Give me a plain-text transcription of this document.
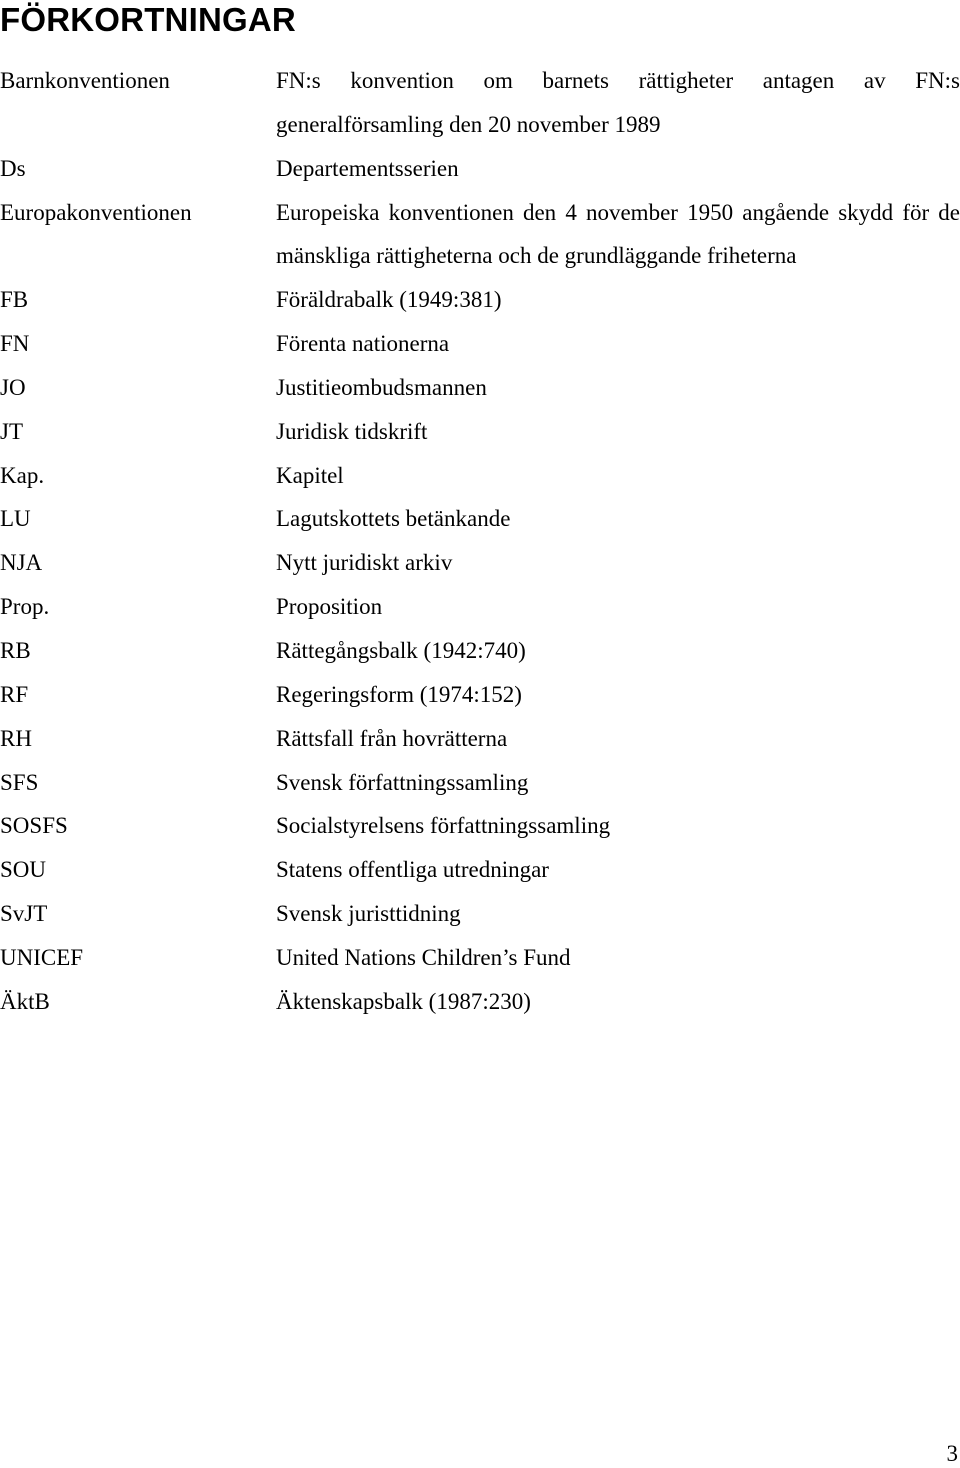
FÖRKORTNINGAR
Barnkonventionen	FN:s konvention om barnets rättigheter antagen av FN:s generalförsamling den 20 november 1989
Ds	Departementsserien
Europakonventionen	Europeiska konventionen den 4 november 1950 angående skydd för de mänskliga rättigheterna och de grundläggande friheterna
FB	Föräldrabalk (1949:381)
FN	Förenta nationerna
JO	Justitieombudsmannen
JT	Juridisk tidskrift
Kap.	Kapitel
LU	Lagutskottets betänkande
NJA	Nytt juridiskt arkiv
Prop.	Proposition
RB	Rättegångsbalk (1942:740)
RF	Regeringsform (1974:152)
RH	Rättsfall från hovrätterna
SFS	Svensk författningssamling
SOSFS	Socialstyrelsens författningssamling
SOU	Statens offentliga utredningar
SvJT	Svensk juristtidning
UNICEF	United Nations Children’s Fund
ÄktB	Äktenskapsbalk (1987:230)
3
